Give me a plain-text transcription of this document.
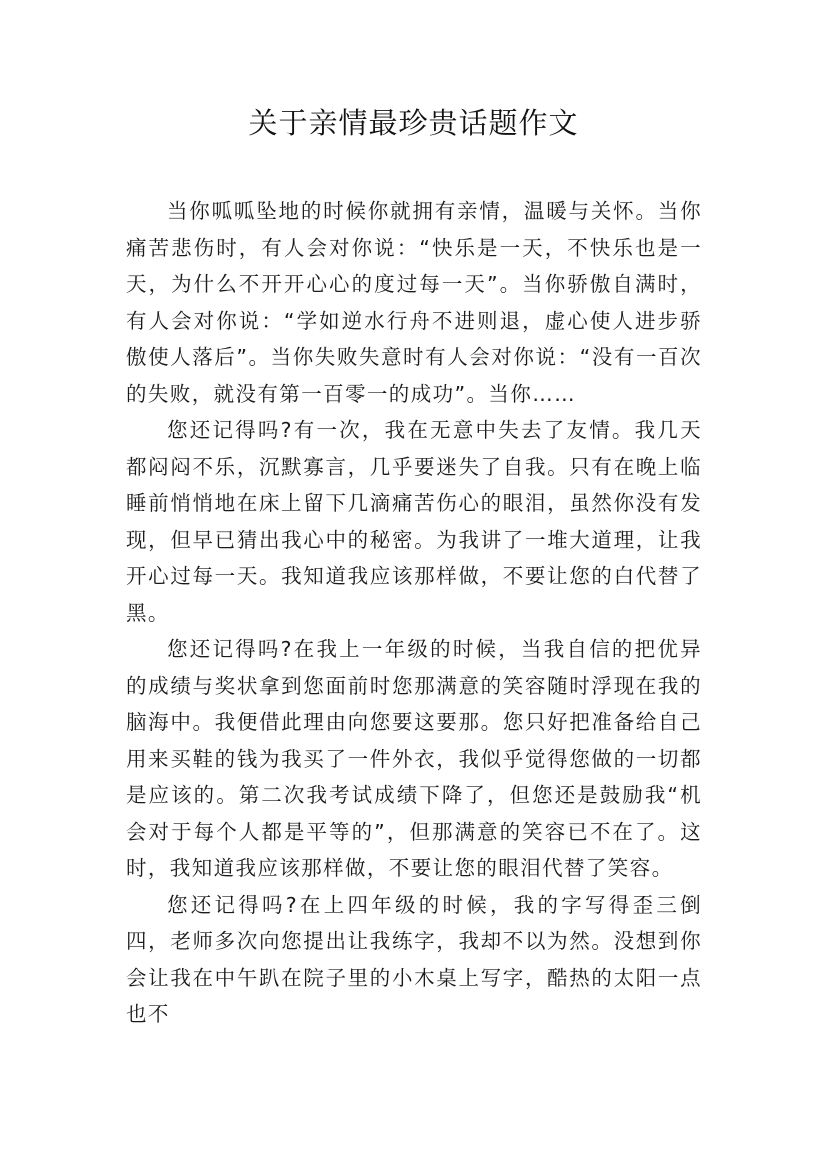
关于亲情最珍贵话题作文

当你呱呱坠地的时候你就拥有亲情，温暖与关怀。当你痛苦悲伤时，有人会对你说：“快乐是一天，不快乐也是一天，为什么不开开心心的度过每一天”。当你骄傲自满时，有人会对你说：“学如逆水行舟不进则退，虚心使人进步骄傲使人落后”。当你失败失意时有人会对你说：“没有一百次的失败，就没有第一百零一的成功”。当你……

您还记得吗?有一次，我在无意中失去了友情。我几天都闷闷不乐，沉默寡言，几乎要迷失了自我。只有在晚上临睡前悄悄地在床上留下几滴痛苦伤心的眼泪，虽然你没有发现，但早已猜出我心中的秘密。为我讲了一堆大道理，让我开心过每一天。我知道我应该那样做，不要让您的白代替了黑。

您还记得吗?在我上一年级的时候，当我自信的把优异的成绩与奖状拿到您面前时您那满意的笑容随时浮现在我的脑海中。我便借此理由向您要这要那。您只好把准备给自己用来买鞋的钱为我买了一件外衣，我似乎觉得您做的一切都是应该的。第二次我考试成绩下降了，但您还是鼓励我“机会对于每个人都是平等的”，但那满意的笑容已不在了。这时，我知道我应该那样做，不要让您的眼泪代替了笑容。

您还记得吗?在上四年级的时候，我的字写得歪三倒四，老师多次向您提出让我练字，我却不以为然。没想到你会让我在中午趴在院子里的小木桌上写字，酷热的太阳一点也不
